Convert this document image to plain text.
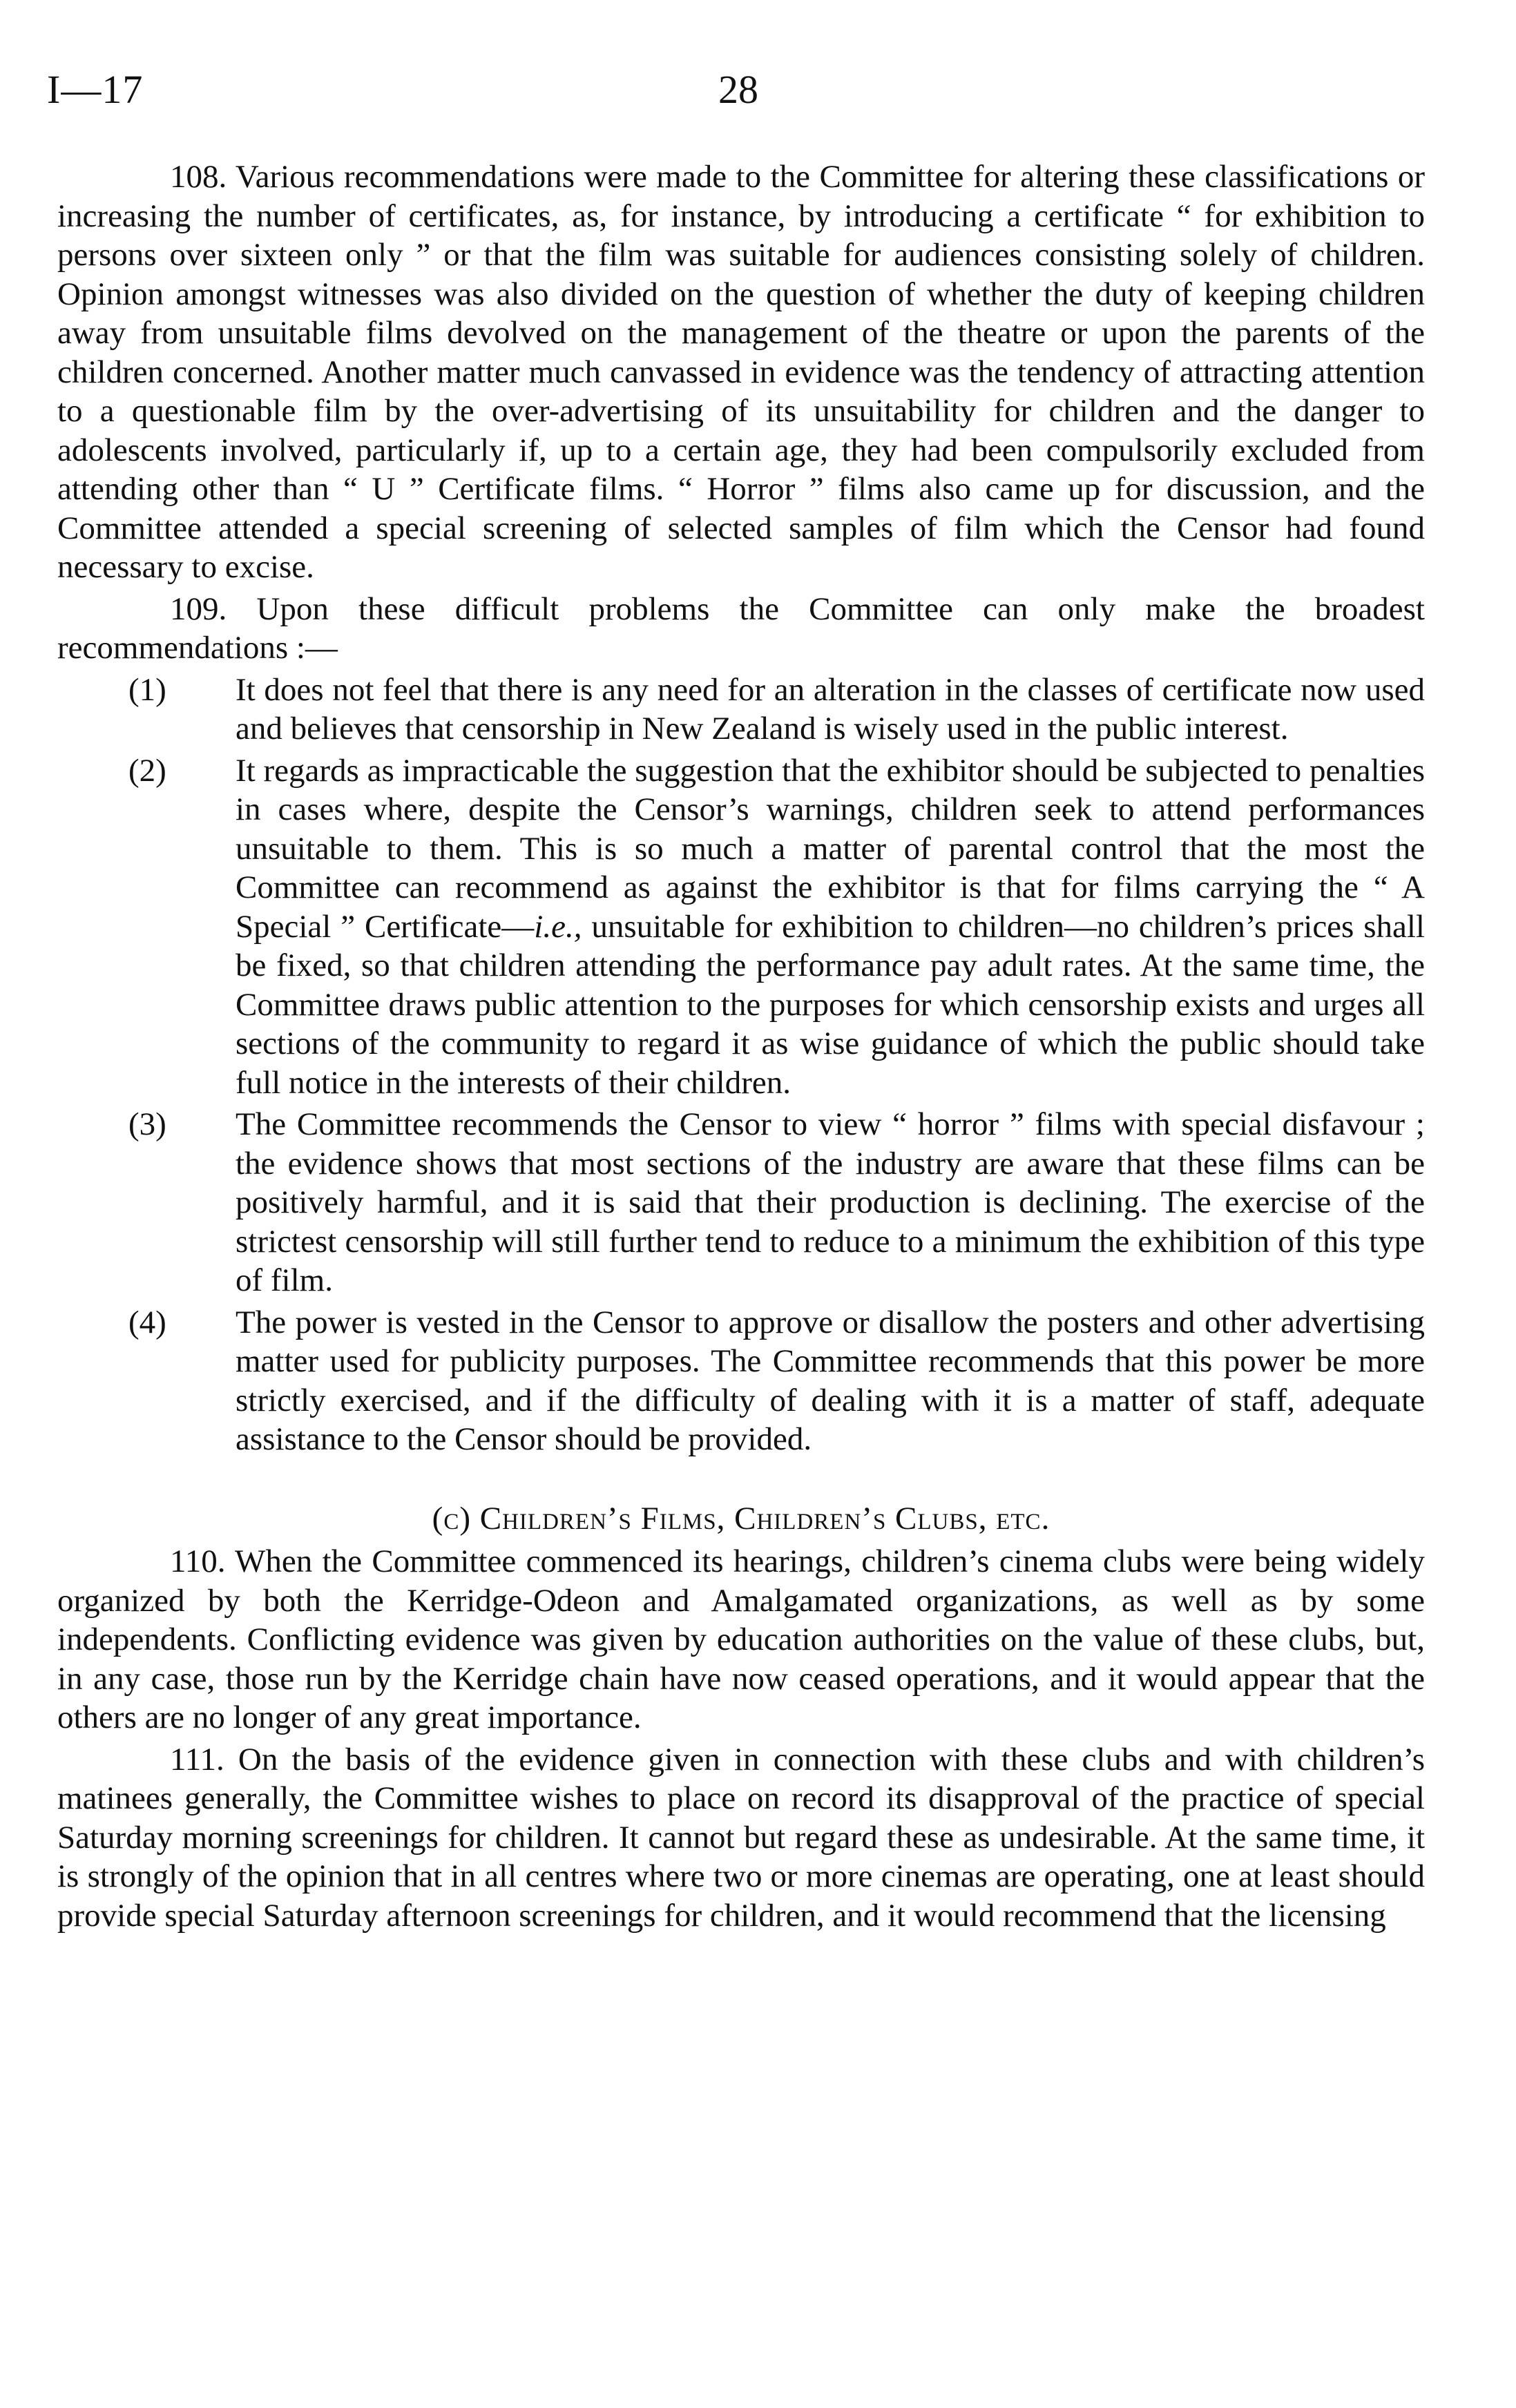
I—17	28

108. Various recommendations were made to the Committee for altering these classifications or increasing the number of certificates, as, for instance, by introducing a certificate “ for exhibition to persons over sixteen only ” or that the film was suitable for audiences consisting solely of children. Opinion amongst witnesses was also divided on the question of whether the duty of keeping children away from unsuitable films devolved on the management of the theatre or upon the parents of the children concerned. Another matter much canvassed in evidence was the tendency of attracting attention to a questionable film by the over-advertising of its unsuitability for children and the danger to adolescents involved, particularly if, up to a certain age, they had been compulsorily excluded from attending other than “ U ” Certificate films. “ Horror ” films also came up for discussion, and the Committee attended a special screening of selected samples of film which the Censor had found necessary to excise.

109. Upon these difficult problems the Committee can only make the broadest recommendations :—

(1) It does not feel that there is any need for an alteration in the classes of certificate now used and believes that censorship in New Zealand is wisely used in the public interest.

(2) It regards as impracticable the suggestion that the exhibitor should be subjected to penalties in cases where, despite the Censor’s warnings, children seek to attend performances unsuitable to them. This is so much a matter of parental control that the most the Committee can recommend as against the exhibitor is that for films carrying the “ A Special ” Certificate—i.e., unsuitable for exhibition to children—no children’s prices shall be fixed, so that children attending the performance pay adult rates. At the same time, the Committee draws public attention to the purposes for which censorship exists and urges all sections of the community to regard it as wise guidance of which the public should take full notice in the interests of their children.

(3) The Committee recommends the Censor to view “ horror ” films with special disfavour ; the evidence shows that most sections of the industry are aware that these films can be positively harmful, and it is said that their production is declining. The exercise of the strictest censorship will still further tend to reduce to a minimum the exhibition of this type of film.

(4) The power is vested in the Censor to approve or disallow the posters and other advertising matter used for publicity purposes. The Committee recommends that this power be more strictly exercised, and if the difficulty of dealing with it is a matter of staff, adequate assistance to the Censor should be provided.

(c) Children’s Films, Children’s Clubs, etc.

110. When the Committee commenced its hearings, children’s cinema clubs were being widely organized by both the Kerridge-Odeon and Amalgamated organizations, as well as by some independents. Conflicting evidence was given by education authorities on the value of these clubs, but, in any case, those run by the Kerridge chain have now ceased operations, and it would appear that the others are no longer of any great importance.

111. On the basis of the evidence given in connection with these clubs and with children’s matinees generally, the Committee wishes to place on record its disapproval of the practice of special Saturday morning screenings for children. It cannot but regard these as undesirable. At the same time, it is strongly of the opinion that in all centres where two or more cinemas are operating, one at least should provide special Saturday afternoon screenings for children, and it would recommend that the licensing
